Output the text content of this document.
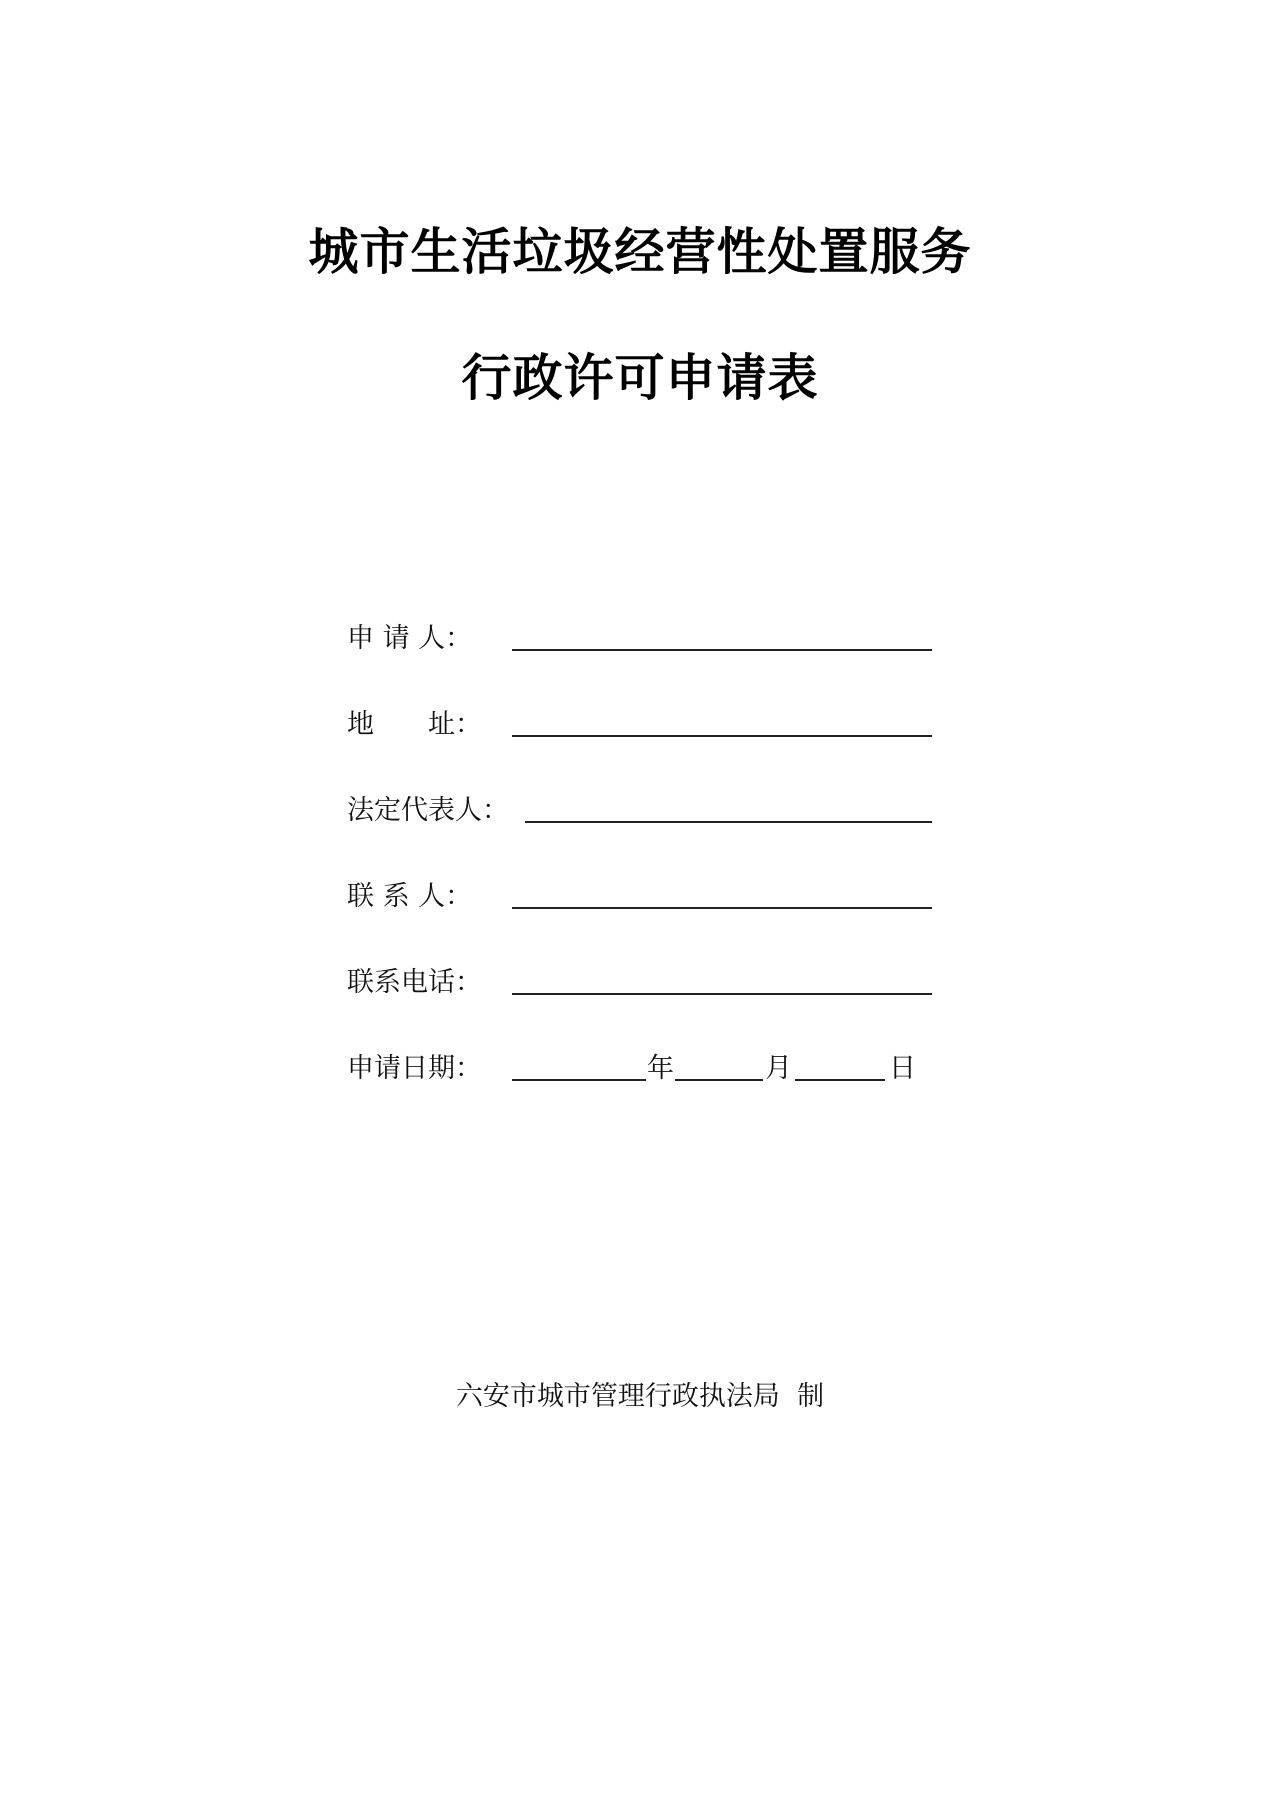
城市生活垃圾经营性处置服务
行政许可申请表
申 请 人：
地　　址：
法定代表人：
联 系 人：
联系电话：
申请日期：	年	月	日
六安市城市管理行政执法局  制
